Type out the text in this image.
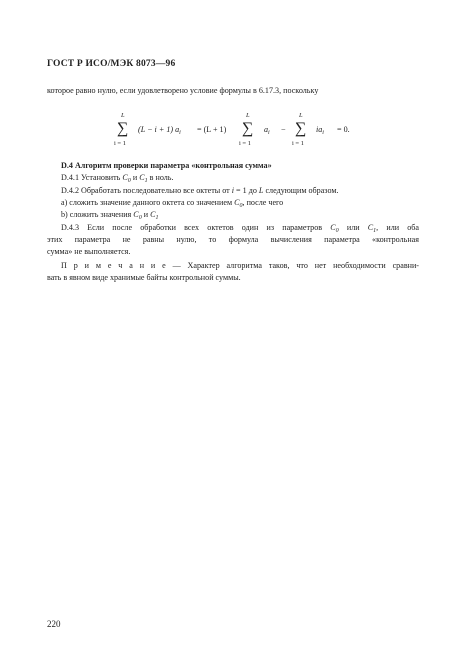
ГОСТ Р ИСО/МЭК 8073—96
которое равно нулю, если удовлетворено условие формулы в 6.17.3, поскольку
L
∑
i = 1
(L − i + 1) $a_i = (L + 1)$
L
∑
i = 1
$a_i$ −
L
∑
i = 1
$ia_i = 0$.
D.4 Алгоритм проверки параметра «контрольная сумма»
D.4.1 Установить $C_0$ и $C_1$ в ноль.
D.4.2 Обработать последовательно все октеты от i = 1 до L следующим образом.
a) сложить значение данного октета со значением $C_0$, после чего
b) сложить значения $C_0$ и $C_1$
D.4.3 Если после обработки всех октетов один из параметров $C_0$ или $C_1$, или оба
этих параметра не равны нулю, то формула вычисления параметра «контрольная
сумма» не выполняется.
П р и м е ч а н и е — Характер алгоритма таков, что нет необходимости сравни-
вать в явном виде хранимые байты контрольной суммы.
220
